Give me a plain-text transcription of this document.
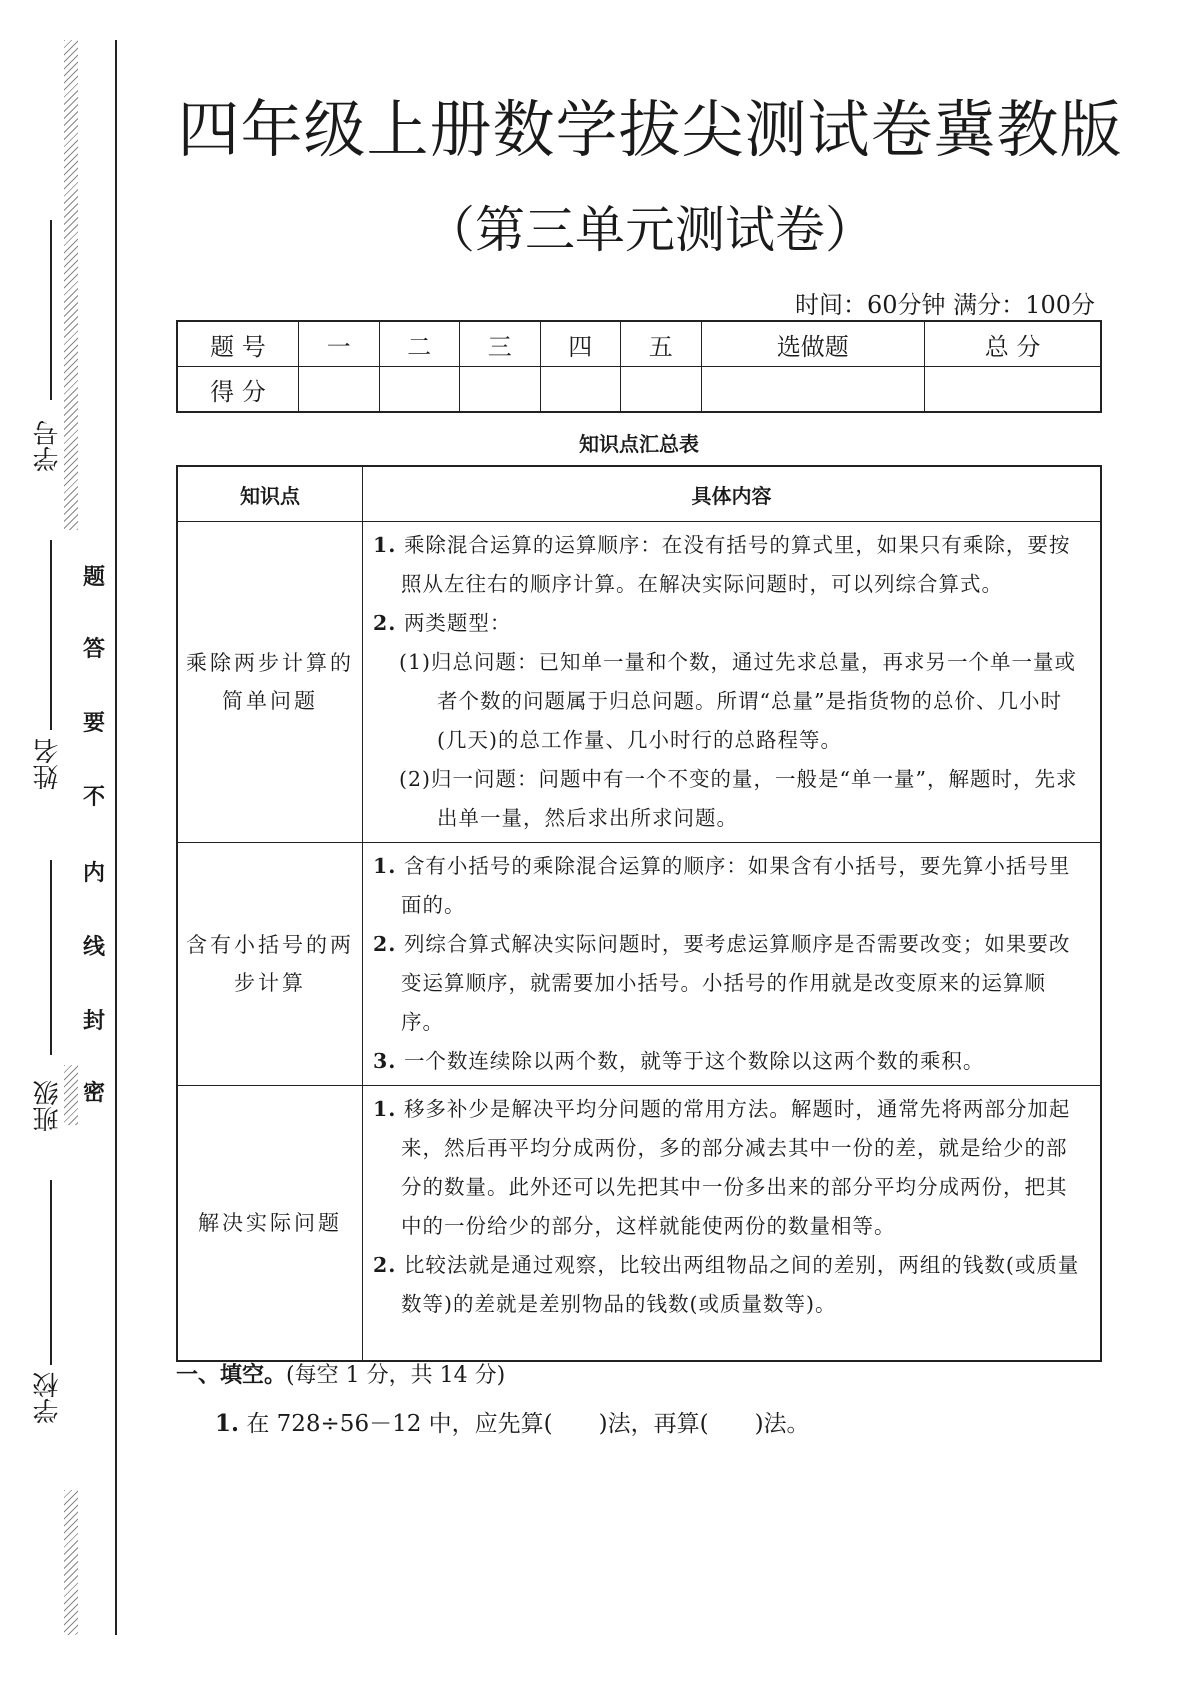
题
答
要
不
内
线
封
密
学号
姓名
班级
学校
四年级上册数学拔尖测试卷冀教版
（第三单元测试卷）
时间：60分钟 满分：100分
题 号	一	二	三	四	五	选做题	总 分
得 分							
知识点汇总表
知识点	具体内容
乘除两步计算的简单问题	1. 乘除混合运算的运算顺序：在没有括号的算式里，如果只有乘除，要按照从左往右的顺序计算。在解决实际问题时，可以列综合算式。
2. 两类题型：
(1)归总问题：已知单一量和个数，通过先求总量，再求另一个单一量或者个数的问题属于归总问题。所谓“总量”是指货物的总价、几小时(几天)的总工作量、几小时行的总路程等。
(2)归一问题：问题中有一个不变的量，一般是“单一量”，解题时，先求出单一量，然后求出所求问题。

含有小括号的两步计算	1. 含有小括号的乘除混合运算的顺序：如果含有小括号，要先算小括号里面的。
2. 列综合算式解决实际问题时，要考虑运算顺序是否需要改变；如果要改变运算顺序，就需要加小括号。小括号的作用就是改变原来的运算顺序。
3. 一个数连续除以两个数，就等于这个数除以这两个数的乘积。

解决实际问题	1. 移多补少是解决平均分问题的常用方法。解题时，通常先将两部分加起来，然后再平均分成两份，多的部分减去其中一份的差，就是给少的部分的数量。此外还可以先把其中一份多出来的部分平均分成两份，把其中的一份给少的部分，这样就能使两份的数量相等。
2. 比较法就是通过观察，比较出两组物品之间的差别，两组的钱数(或质量数等)的差就是差别物品的钱数(或质量数等)。
一、填空。(每空 1 分，共 14 分)
1. 在 728÷56－12 中，应先算(　　)法，再算(　　)法。
